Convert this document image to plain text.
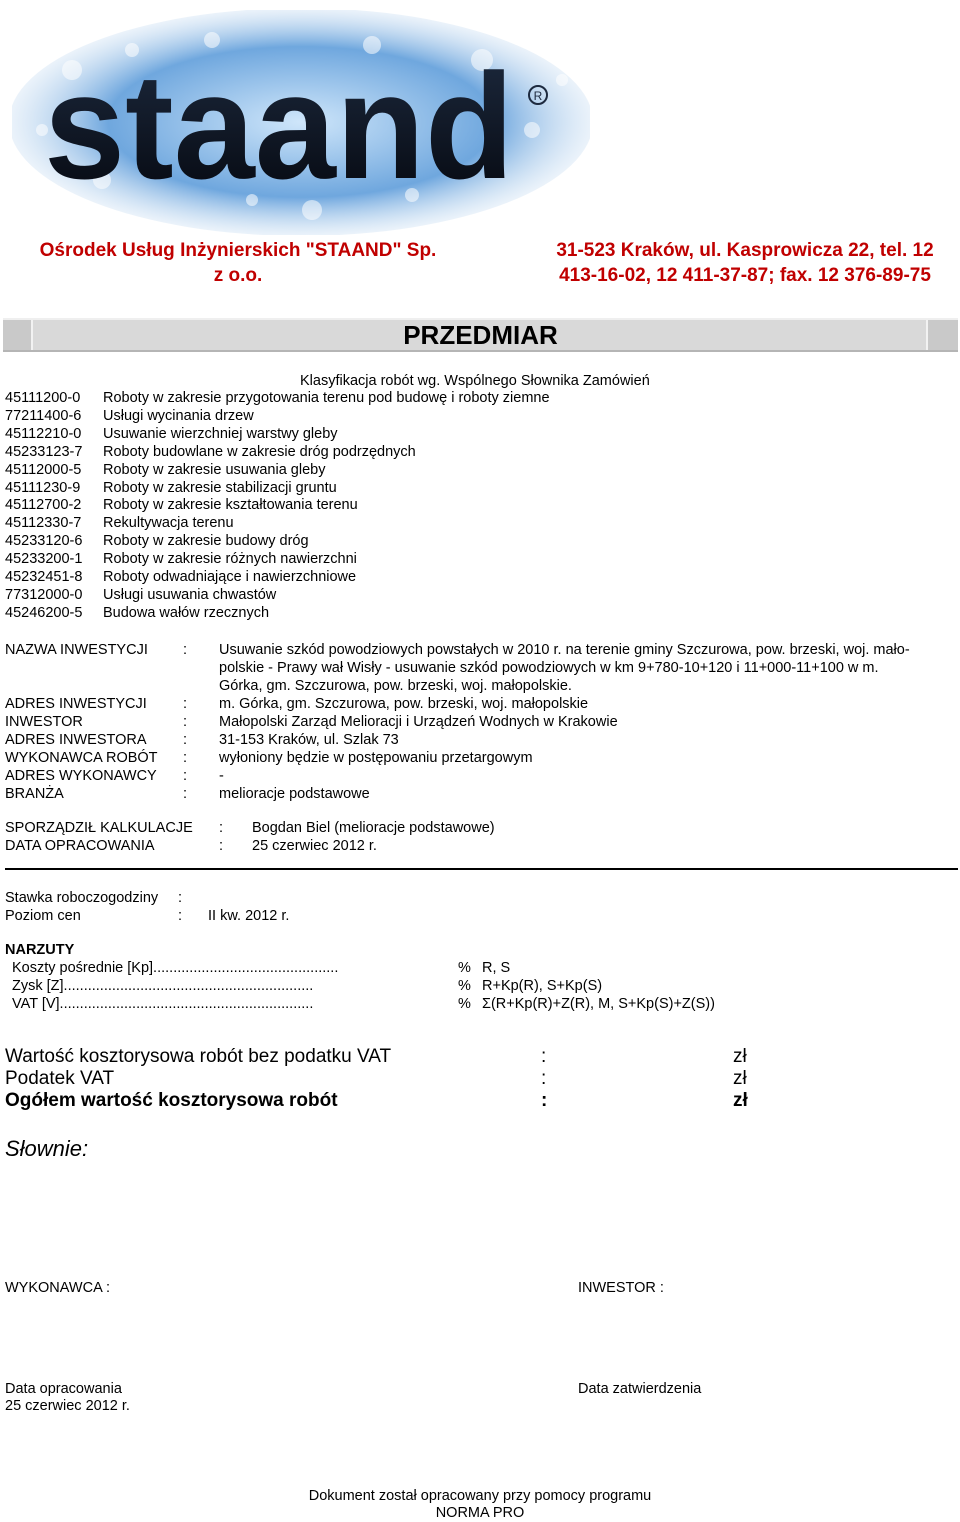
staand R
Ośrodek Usług Inżynierskich "STAAND" Sp.
z o.o.
31-523 Kraków, ul. Kasprowicza 22, tel. 12
413-16-02, 12 411-37-87; fax. 12 376-89-75
PRZEDMIAR
Klasyfikacja robót wg. Wspólnego Słownika Zamówień
45111200-0	Roboty w zakresie przygotowania terenu pod budowę i roboty ziemne
77211400-6	Usługi wycinania drzew
45112210-0	Usuwanie wierzchniej warstwy gleby
45233123-7	Roboty budowlane w zakresie dróg podrzędnych
45112000-5	Roboty w zakresie usuwania gleby
45111230-9	Roboty w zakresie stabilizacji gruntu
45112700-2	Roboty w zakresie kształtowania terenu
45112330-7	Rekultywacja terenu
45233120-6	Roboty w zakresie budowy dróg
45233200-1	Roboty w zakresie różnych nawierzchni
45232451-8	Roboty odwadniające i nawierzchniowe
77312000-0	Usługi usuwania chwastów
45246200-5	Budowa wałów rzecznych
NAZWA INWESTYCJI	:	Usuwanie szkód powodziowych powstałych w 2010 r. na terenie gminy Szczurowa, pow. brzeski, woj. mało-
polskie - Prawy wał Wisły - usuwanie szkód powodziowych w km 9+780-10+120 i 11+000-11+100 w m.
Górka, gm. Szczurowa, pow. brzeski, woj. małopolskie.
ADRES INWESTYCJI	:	m. Górka, gm. Szczurowa, pow. brzeski, woj. małopolskie
INWESTOR	:	Małopolski Zarząd Melioracji i Urządzeń Wodnych w Krakowie
ADRES INWESTORA	:	31-153 Kraków, ul. Szlak 73
WYKONAWCA ROBÓT	:	wyłoniony będzie w postępowaniu przetargowym
ADRES WYKONAWCY	:	-
BRANŻA	:	melioracje podstawowe
SPORZĄDZIŁ KALKULACJE	:	Bogdan Biel (melioracje podstawowe)
DATA OPRACOWANIA	:	25 czerwiec 2012 r.
Stawka roboczogodziny	:
Poziom cen	:	II kw. 2012 r.
NARZUTY
Koszty pośrednie [Kp]..............................................	% R, S
Zysk [Z]..............................................................	% R+Kp(R), S+Kp(S)
VAT [V]...............................................................	% Σ(R+Kp(R)+Z(R), M, S+Kp(S)+Z(S))
Wartość kosztorysowa robót bez podatku VAT	:	zł
Podatek VAT	:	zł
Ogółem wartość kosztorysowa robót	:	zł
Słownie:
WYKONAWCA :	INWESTOR :
Data opracowania
25 czerwiec 2012 r.
Data zatwierdzenia
Dokument został opracowany przy pomocy programu
NORMA PRO
